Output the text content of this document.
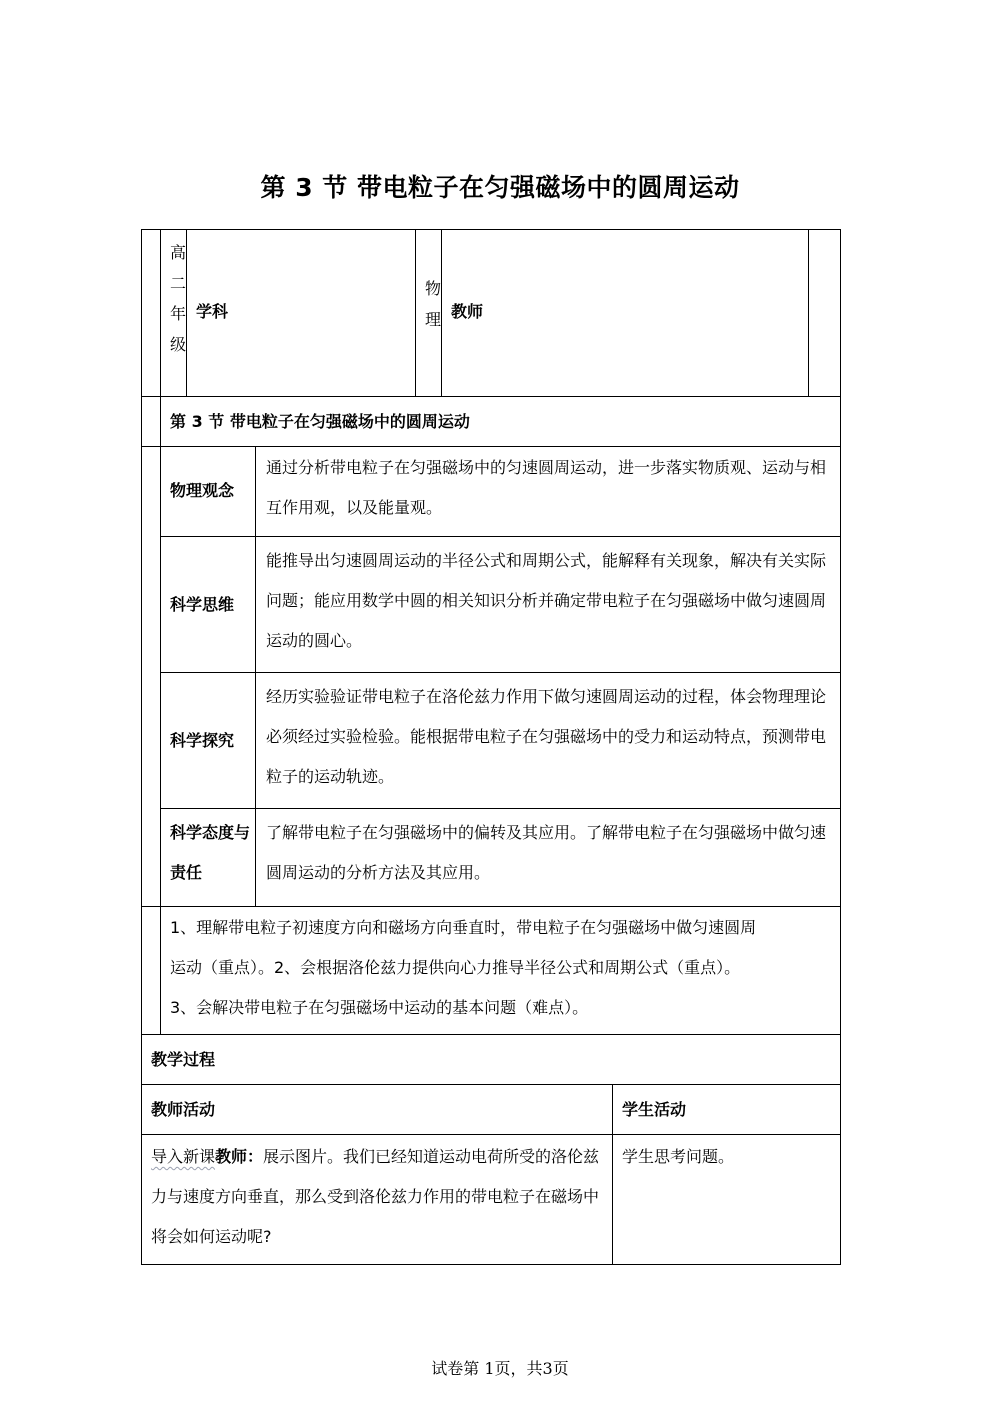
第 3 节 带电粒子在匀强磁场中的圆周运动
高二年级
学科
物理 教师
第 3 节 带电粒子在匀强磁场中的圆周运动
物理观念
通过分析带电粒子在匀强磁场中的匀速圆周运动，进一步落实物质观、运动与相互作用观，以及能量观。
科学思维
能推导出匀速圆周运动的半径公式和周期公式，能解释有关现象，解决有关实际问题；能应用数学中圆的相关知识分析并确定带电粒子在匀强磁场中做匀速圆周运动的圆心。
科学探究
经历实验验证带电粒子在洛伦兹力作用下做匀速圆周运动的过程，体会物理理论必须经过实验检验。能根据带电粒子在匀强磁场中的受力和运动特点，预测带电粒子的运动轨迹。
科学态度与责任
了解带电粒子在匀强磁场中的偏转及其应用。了解带电粒子在匀强磁场中做匀速圆周运动的分析方法及其应用。
1、理解带电粒子初速度方向和磁场方向垂直时，带电粒子在匀强磁场中做匀速圆周
运动（重点）。2、会根据洛伦兹力提供向心力推导半径公式和周期公式（重点）。
3、会解决带电粒子在匀强磁场中运动的基本问题（难点）。
教学过程
教师活动	学生活动
导入新课教师：展示图片。我们已经知道运动电荷所受的洛伦兹力与速度方向垂直，那么受到洛伦兹力作用的带电粒子在磁场中将会如何运动呢?
学生思考问题。
试卷第 1页，共3页
